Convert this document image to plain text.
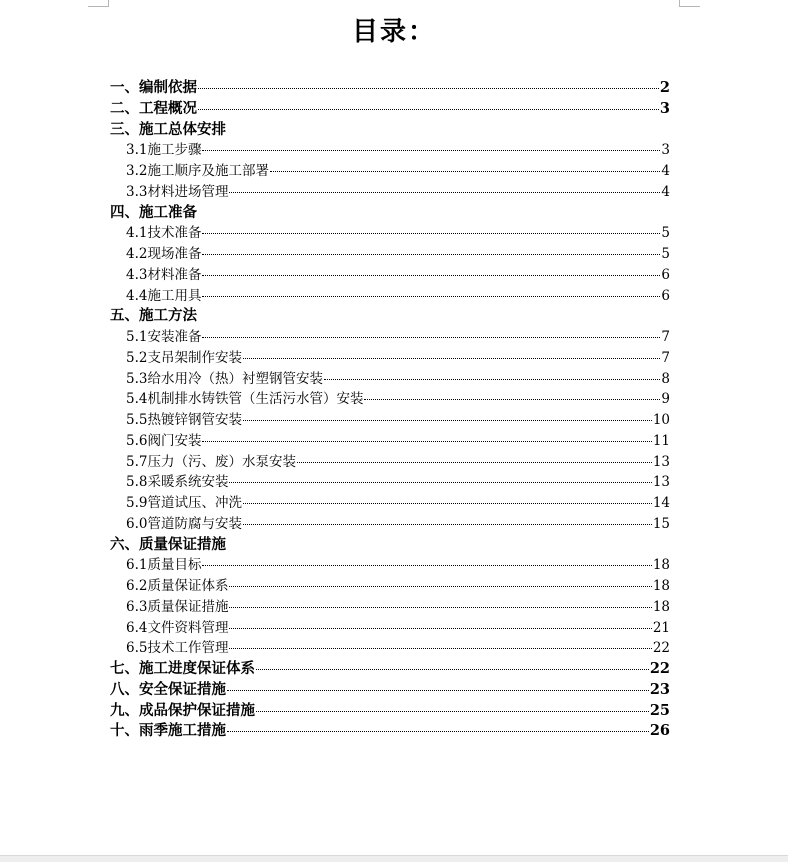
目录：
一、 编制依据	2
二、 工程概况	3
三、 施工总体安排
3.1 施工步骤	3
3.2 施工顺序及施工部署	4
3.3 材料进场管理	4
四、 施工准备
4.1 技术准备	5
4.2 现场准备	5
4.3 材料准备	6
4.4 施工用具	6
五、 施工方法
5.1 安装准备	7
5.2 支吊架制作安装	7
5.3 给水用冷（热）衬塑钢管安装	8
5.4 机制排水铸铁管（生活污水管）安装	9
5.5 热镀锌钢管安装	10
5.6 阀门安装	11
5.7 压力（污、废）水泵安装	13
5.8 采暖系统安装	13
5.9 管道试压、冲洗	14
6.0 管道防腐与安装	15
六、 质量保证措施
6.1 质量目标	18
6.2 质量保证体系	18
6.3 质量保证措施	18
6.4 文件资料管理	21
6.5 技术工作管理	22
七、 施工进度保证体系	22
八、 安全保证措施	23
九、 成品保护保证措施	25
十、 雨季施工措施	26
